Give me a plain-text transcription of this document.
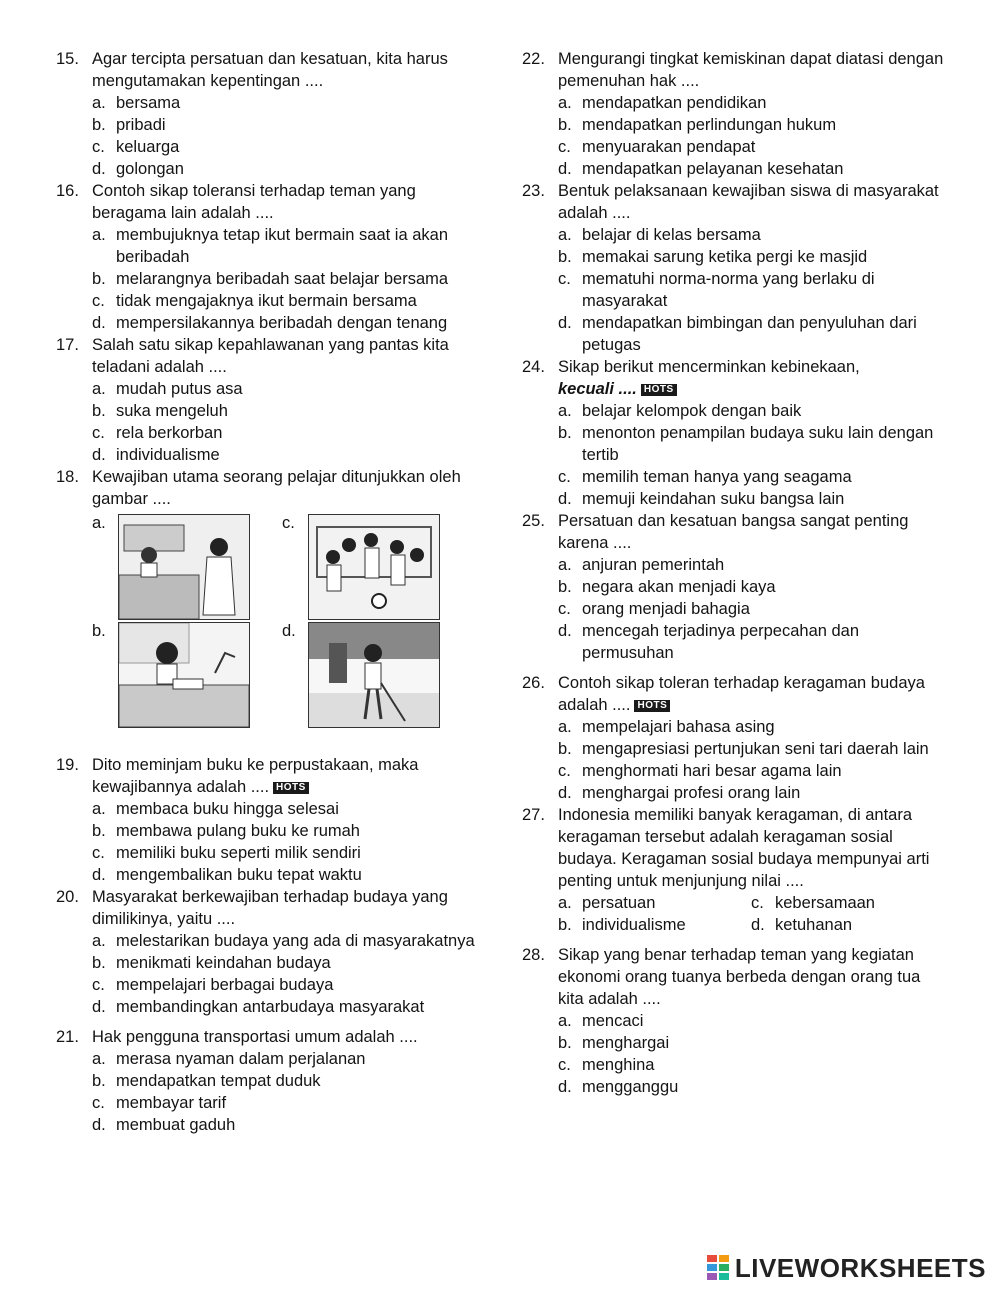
15. Agar tercipta persatuan dan kesatuan, kita harus mengutamakan kepentingan ....
a. bersama
b. pribadi
c. keluarga
d. golongan
16. Contoh sikap toleransi terhadap teman yang beragama lain adalah ....
a. membujuknya tetap ikut bermain saat ia akan beribadah
b. melarangnya beribadah saat belajar bersama
c. tidak mengajaknya ikut bermain bersama
d. mempersilakannya beribadah dengan tenang
17. Salah satu sikap kepahlawanan yang pantas kita teladani adalah ....
a. mudah putus asa
b. suka mengeluh
c. rela berkorban
d. individualisme
18. Kewajiban utama seorang pelajar ditunjukkan oleh gambar ....
a.	c.
b.	d.
19. Dito meminjam buku ke perpustakaan, maka kewajibannya adalah .... HOTS
a. membaca buku hingga selesai
b. membawa pulang buku ke rumah
c. memiliki buku seperti milik sendiri
d. mengembalikan buku tepat waktu
20. Masyarakat berkewajiban terhadap budaya yang dimilikinya, yaitu ....
a. melestarikan budaya yang ada di masyarakatnya
b. menikmati keindahan budaya
c. mempelajari berbagai budaya
d. membandingkan antarbudaya masyarakat
21. Hak pengguna transportasi umum adalah ....
a. merasa nyaman dalam perjalanan
b. mendapatkan tempat duduk
c. membayar tarif
d. membuat gaduh
22. Mengurangi tingkat kemiskinan dapat diatasi dengan pemenuhan hak ....
a. mendapatkan pendidikan
b. mendapatkan perlindungan hukum
c. menyuarakan pendapat
d. mendapatkan pelayanan kesehatan
23. Bentuk pelaksanaan kewajiban siswa di masyarakat adalah ....
a. belajar di kelas bersama
b. memakai sarung ketika pergi ke masjid
c. mematuhi norma-norma yang berlaku di masyarakat
d. mendapatkan bimbingan dan penyuluhan dari petugas
24. Sikap berikut mencerminkan kebinekaan,
kecuali .... HOTS
a. belajar kelompok dengan baik
b. menonton penampilan budaya suku lain dengan tertib
c. memilih teman hanya yang seagama
d. memuji keindahan suku bangsa lain
25. Persatuan dan kesatuan bangsa sangat penting karena ....
a. anjuran pemerintah
b. negara akan menjadi kaya
c. orang menjadi bahagia
d. mencegah terjadinya perpecahan dan permusuhan
26. Contoh sikap toleran terhadap keragaman budaya adalah .... HOTS
a. mempelajari bahasa asing
b. mengapresiasi pertunjukan seni tari daerah lain
c. menghormati hari besar agama lain
d. menghargai profesi orang lain
27. Indonesia memiliki banyak keragaman, di antara keragaman tersebut adalah keragaman sosial budaya. Keragaman sosial budaya mempunyai arti penting untuk menjunjung nilai ....
a. persatuan	c. kebersamaan
b. individualisme	d. ketuhanan
28. Sikap yang benar terhadap teman yang kegiatan ekonomi orang tuanya berbeda dengan orang tua kita adalah ....
a. mencaci
b. menghargai
c. menghina
d. mengganggu
LIVEWORKSHEETS
